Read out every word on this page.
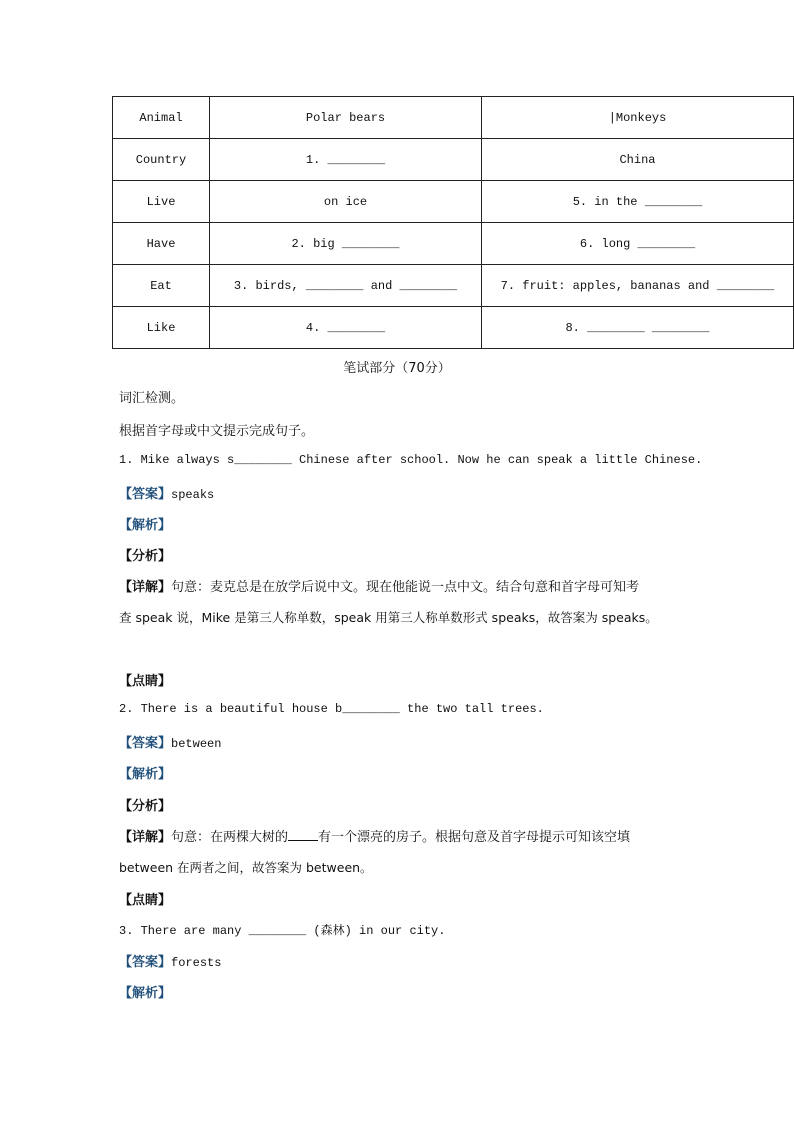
Animal	Polar bears	|Monkeys
Country	1. ________	China
Live	on ice	5. in the ________
Have	2. big ________	6. long ________
Eat	3. birds, ________ and ________	7. fruit: apples, bananas and ________
Like	4. ________	8. ________ ________
笔试部分（70分）
词汇检测。
根据首字母或中文提示完成句子。
1. Mike always s________ Chinese after school. Now he can speak a little Chinese.
【答案】speaks
【解析】
【分析】
【详解】句意：麦克总是在放学后说中文。现在他能说一点中文。结合句意和首字母可知考
查 speak 说，Mike 是第三人称单数，speak 用第三人称单数形式 speaks，故答案为 speaks。
【点睛】
2. There is a beautiful house b________ the two tall trees.
【答案】between
【解析】
【分析】
【详解】句意：在两棵大树的 有一个漂亮的房子。根据句意及首字母提示可知该空填
between 在两者之间，故答案为 between。
【点睛】
3. There are many ________ (森林) in our city.
【答案】forests
【解析】
